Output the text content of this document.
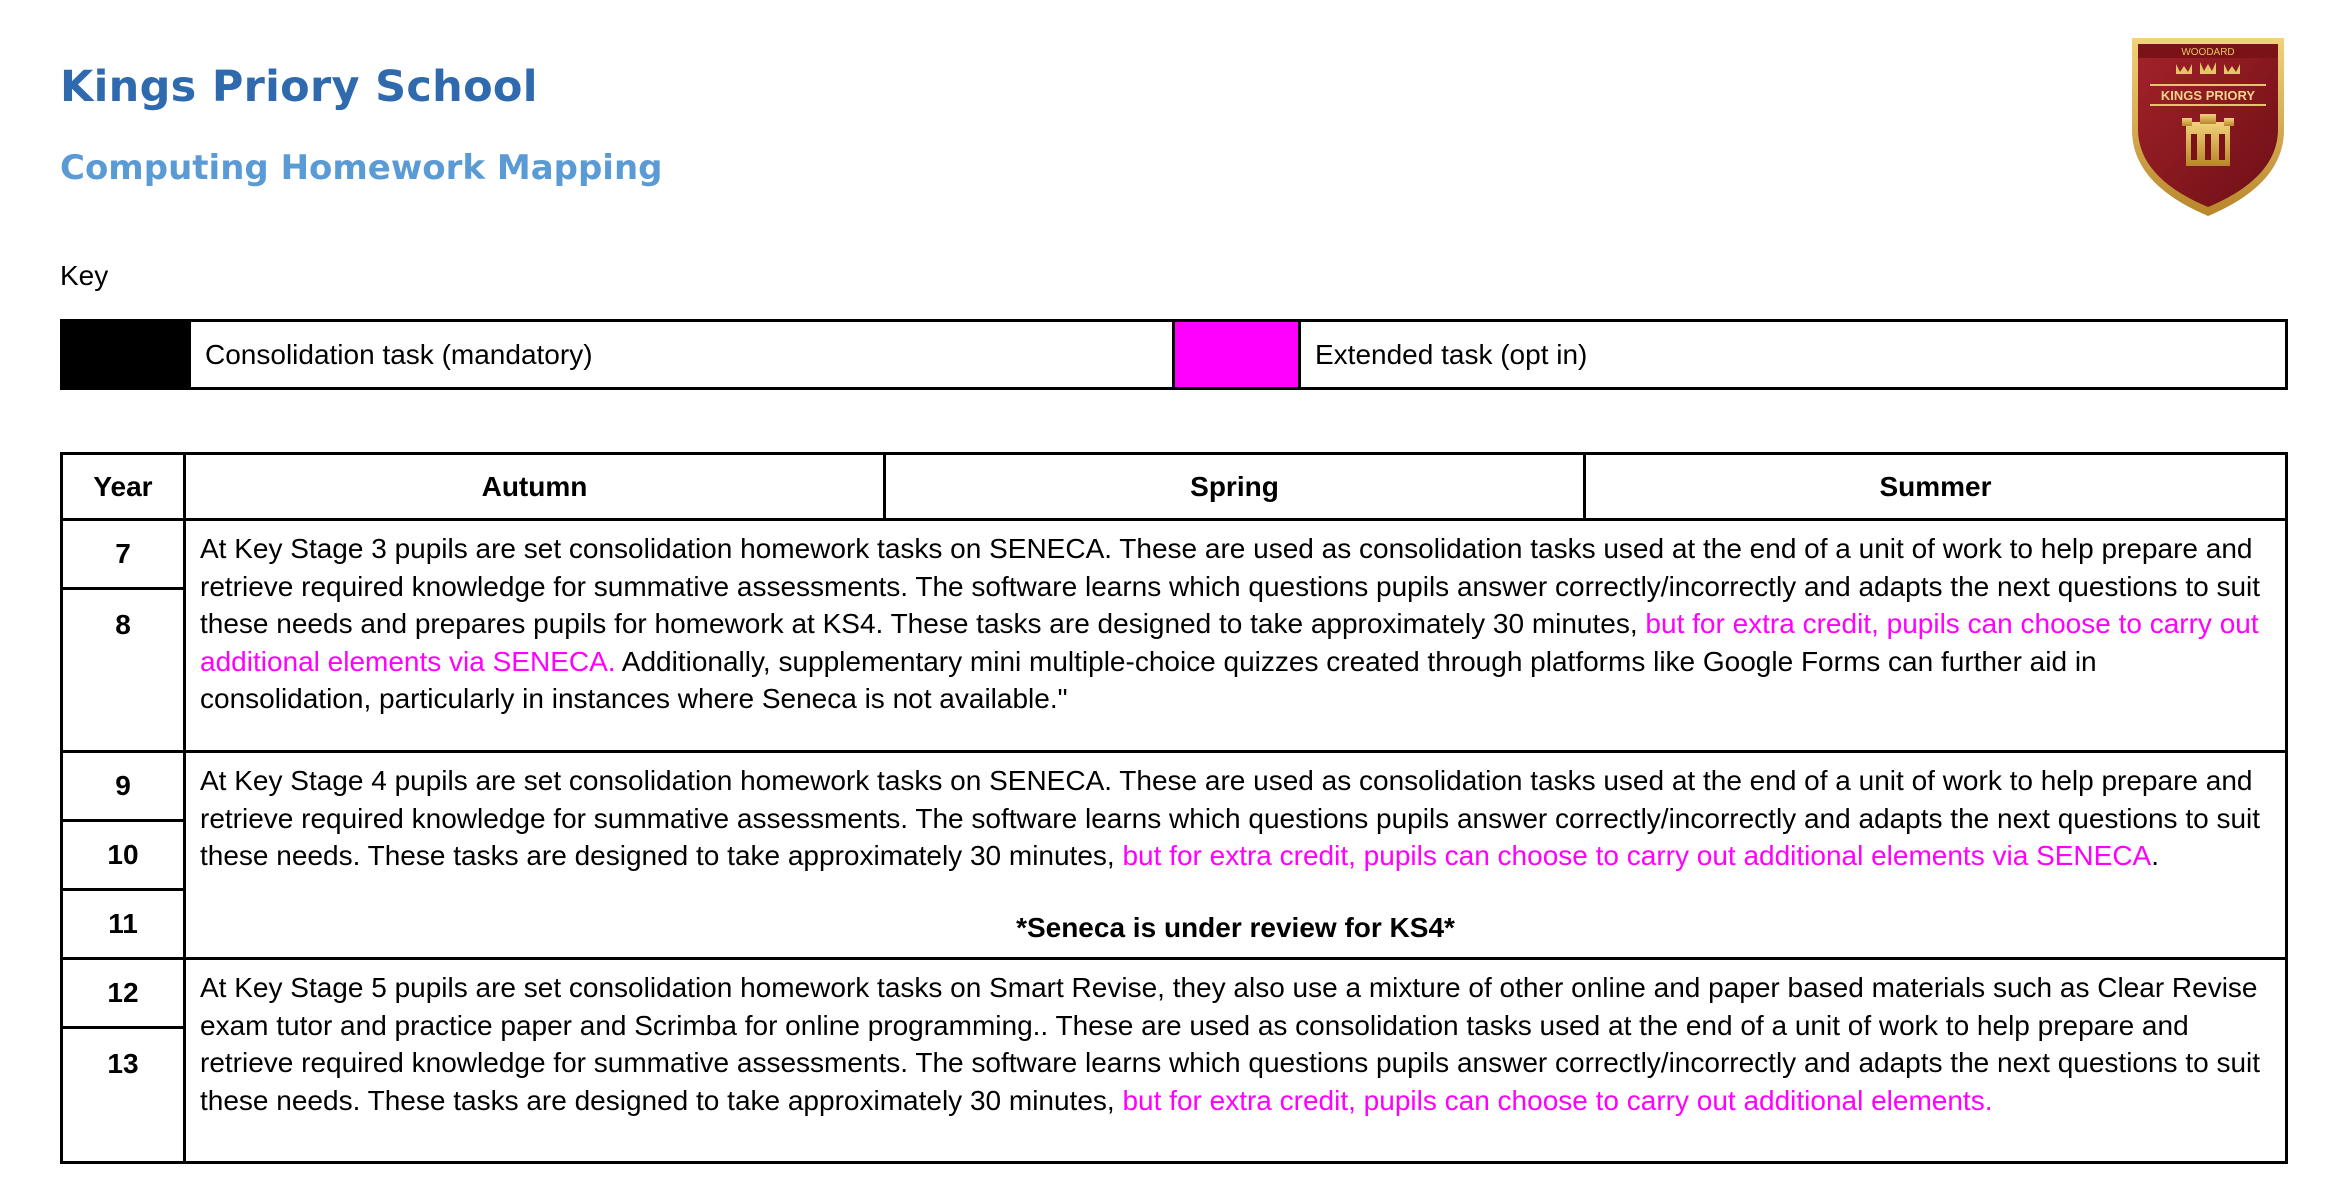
Kings Priory School
Computing Homework Mapping
WOODARD
KINGS PRIORY
Key
	Consolidation task (mandatory)		Extended task (opt in)
Year	Autumn	Spring	Summer
7	At Key Stage 3 pupils are set consolidation homework tasks on SENECA. These are used as consolidation tasks used at the end of a unit of work to help prepare and retrieve required knowledge for summative assessments. The software learns which questions pupils answer correctly/incorrectly and adapts the next questions to suit these needs and prepares pupils for homework at KS4. These tasks are designed to take approximately 30 minutes, but for extra credit, pupils can choose to carry out additional elements via SENECA. Additionally, supplementary mini multiple-choice quizzes created through platforms like Google Forms can further aid in consolidation, particularly in instances where Seneca is not available."		
8			
9	At Key Stage 4 pupils are set consolidation homework tasks on SENECA. These are used as consolidation tasks used at the end of a unit of work to help prepare and retrieve required knowledge for summative assessments. The software learns which questions pupils answer correctly/incorrectly and adapts the next questions to suit these needs. These tasks are designed to take approximately 30 minutes, but for extra credit, pupils can choose to carry out additional elements via SENECA.
*Seneca is under review for KS4*		

10			
11			
12	At Key Stage 5 pupils are set consolidation homework tasks on Smart Revise, they also use a mixture of other online and paper based materials such as Clear Revise exam tutor and practice paper and Scrimba for online programming.. These are used as consolidation tasks used at the end of a unit of work to help prepare and retrieve required knowledge for summative assessments. The software learns which questions pupils answer correctly/incorrectly and adapts the next questions to suit these needs. These tasks are designed to take approximately 30 minutes, but for extra credit, pupils can choose to carry out additional elements.		
13			
